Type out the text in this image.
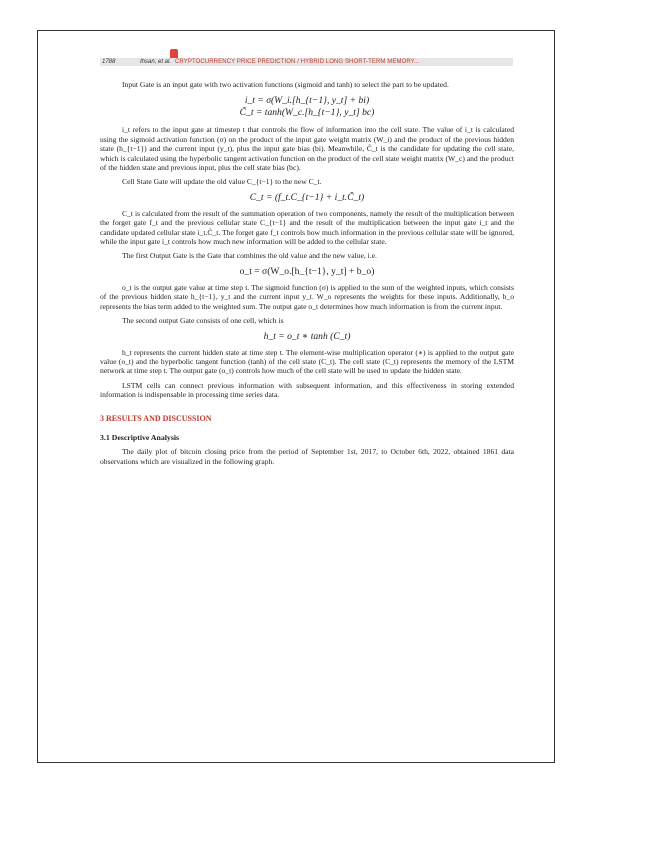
1788	Ihsan, et al. CRYPTOCURRENCY PRICE PREDICTION / HYBRID LONG SHORT-TERM MEMORY...

Input Gate is an input gate with two activation functions (sigmoid and tanh) to select the part to be updated.

i_t = σ(W_i.[h_{t−1}, y_t] + bi)

C̃_t = tanh(W_c.[h_{t−1}, y_t] bc)

i_t refers to the input gate at timestep t that controls the flow of information into the cell state. The value of i_t is calculated using the sigmoid activation function (σ) on the product of the input gate weight matrix (W_i) and the product of the previous hidden state (h_{t−1}) and the current input (y_t), plus the input gate bias (bi). Meanwhile, C̃_t is the candidate for updating the cell state, which is calculated using the hyperbolic tangent activation function on the product of the cell state weight matrix (W_c) and the product of the hidden state and previous input, plus the cell state bias (bc).

Cell State Gate will update the old value C_{t−1} to the new C_t.

C_t = (f_t.C_{t−1} + i_t.C̃_t)

C_t is calculated from the result of the summation operation of two components, namely the result of the multiplication between the forget gate f_t and the previous cellular state C_{t−1} and the result of the multiplication between the input gate i_t and the candidate updated cellular state i_t.C̃_t. The forget gate f_t controls how much information in the previous cellular state will be ignored, while the input gate i_t controls how much new information will be added to the cellular state.

The first Output Gate is the Gate that combines the old value and the new value, i.e.

o_t = σ(W_o.[h_{t−1}, y_t] + b_o)

o_t is the output gate value at time step t. The sigmoid function (σ) is applied to the sum of the weighted inputs, which consists of the previous hidden state h_{t−1}, y_t and the current input y_t. W_o represents the weights for these inputs. Additionally, b_o represents the bias term added to the weighted sum. The output gate o_t determines how much information is from the current input.

The second output Gate consists of one cell, which is

h_t = o_t ∗ tanh (C_t)

h_t represents the current hidden state at time step t. The element-wise multiplication operator (∗) is applied to the output gate value (o_t) and the hyperbolic tangent function (tanh) of the cell state (C_t). The cell state (C_t) represents the memory of the LSTM network at time step t. The output gate (o_t) controls how much of the cell state will be used to update the hidden state.

LSTM cells can connect previous information with subsequent information, and this effectiveness in storing extended information is indispensable in processing time series data.

3 RESULTS AND DISCUSSION

3.1 Descriptive Analysis

The daily plot of bitcoin closing price from the period of September 1st, 2017, to October 6th, 2022, obtained 1861 data observations which are visualized in the following graph.
